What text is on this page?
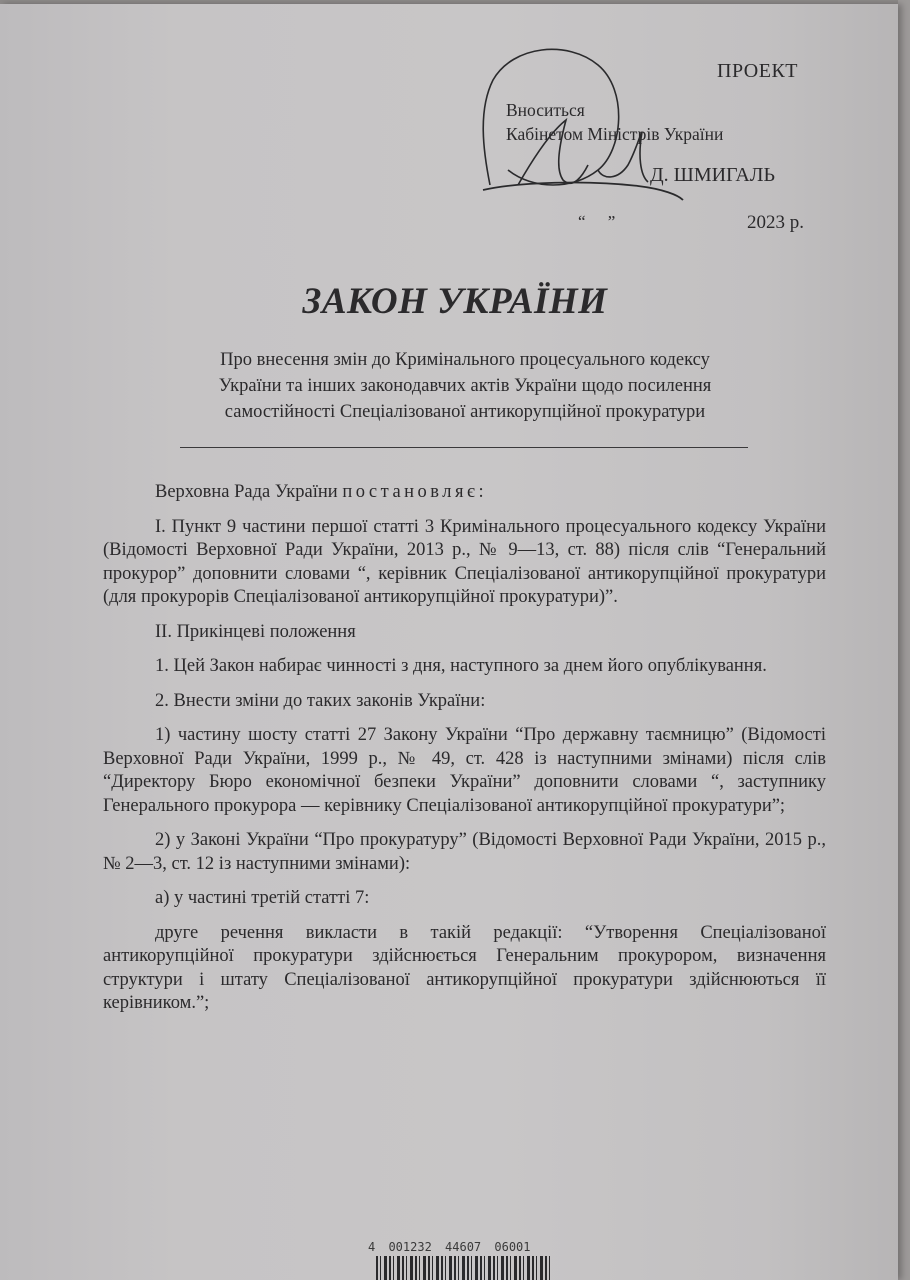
ПРОЕКТ
Вноситься
Кабінетом Міністрів України
Д. ШМИГАЛЬ
“ ”	2023 р.
ЗАКОН УКРАЇНИ
Про внесення змін до Кримінального процесуального кодексу
України та інших законодавчих актів України щодо посилення
самостійності Спеціалізованої антикорупційної прокуратури

Верховна Рада України постановляє:

I. Пункт 9 частини першої статті 3 Кримінального процесуального кодексу України (Відомості Верховної Ради України, 2013 р., № 9—13, ст. 88) після слів “Генеральний прокурор” доповнити словами “, керівник Спеціалізованої антикорупційної прокуратури (для прокурорів Спеціалізованої антикорупційної прокуратури)”.

II. Прикінцеві положення

1. Цей Закон набирає чинності з дня, наступного за днем його опублікування.

2. Внести зміни до таких законів України:

1) частину шосту статті 27 Закону України “Про державну таємницю” (Відомості Верховної Ради України, 1999 р., № 49, ст. 428 із наступними змінами) після слів “Директору Бюро економічної безпеки України” доповнити словами “, заступнику Генерального прокурора — керівнику Спеціалізованої антикорупційної прокуратури”;

2) у Законі України “Про прокуратуру” (Відомості Верховної Ради України, 2015 р., № 2—3, ст. 12 із наступними змінами):

а) у частині третій статті 7:

друге речення викласти в такій редакції: “Утворення Спеціалізованої антикорупційної прокуратури здійснюється Генеральним прокурором, визначення структури і штату Спеціалізованої антикорупційної прокуратури здійснюються її керівником.”;

4 001232 44607 06001
